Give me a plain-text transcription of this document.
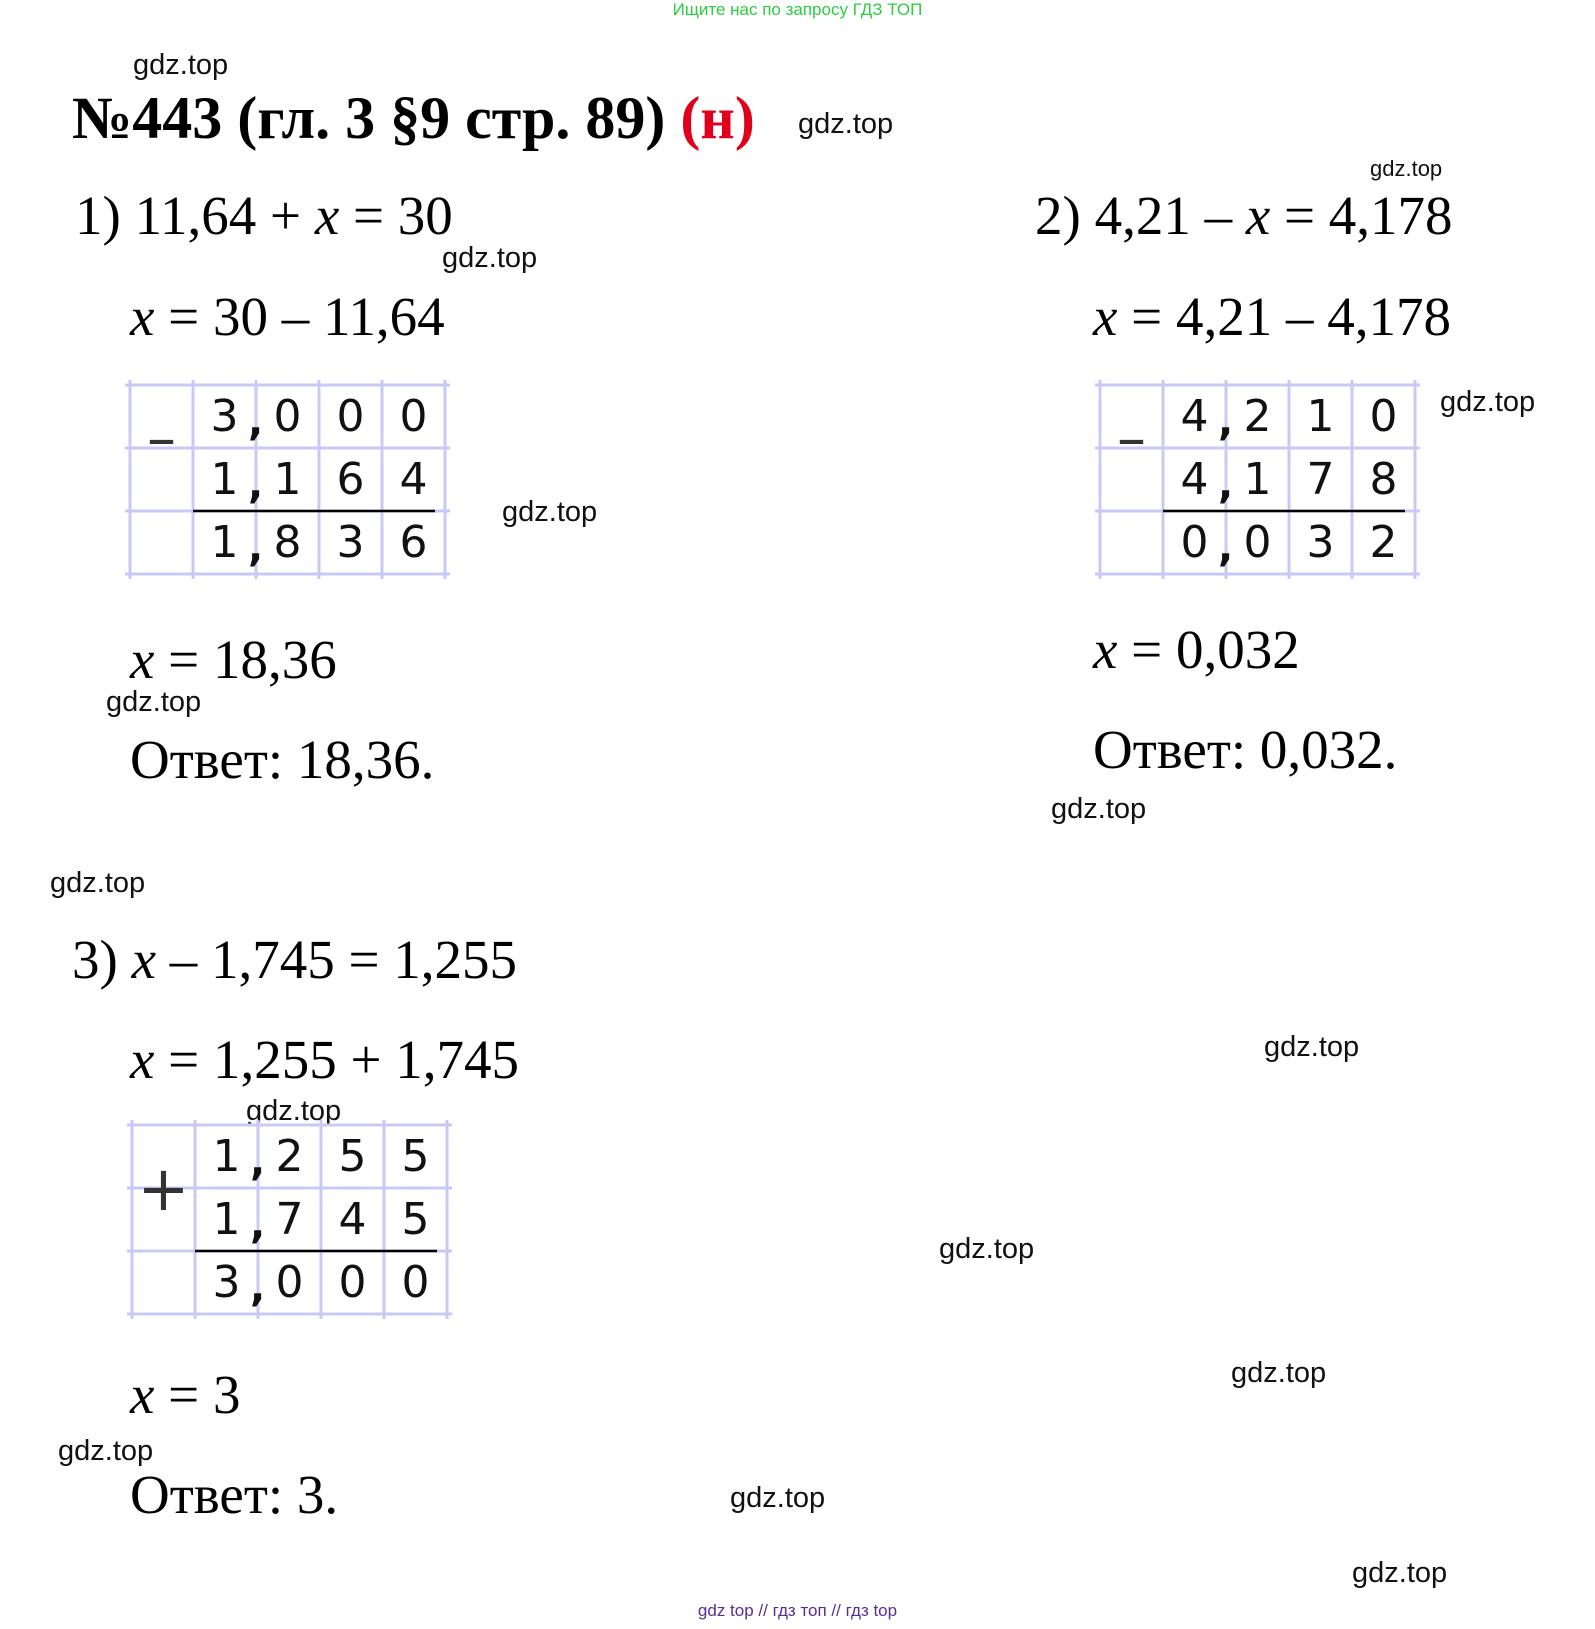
Ищите нас по запросу ГДЗ ТОП
gdz.top
gdz.top
gdz.top
gdz.top
gdz.top
gdz.top
gdz.top
gdz.top
gdz.top
gdz.top
gdz.top
gdz.top
gdz.top
gdz.top
gdz.top
gdz.top
№443 (гл. 3 §9 стр. 89) (н)
1) 11,64 + x = 30
x = 30 – 11,64
– 3 0 0 0
,
1 1 6 4
,
1 8 3 6
,
x = 18,36
Ответ: 18,36.
2) 4,21 – x = 4,178
x = 4,21 – 4,178
– 4 2 1 0
,
4 1 7 8
,
0 0 3 2
,
x = 0,032
Ответ: 0,032.
3) x – 1,745 = 1,255
x = 1,255 + 1,745
+ 1 2 5 5
,
1 7 4 5
,
3 0 0 0
,
x = 3
Ответ: 3.
gdz top // гдз топ // гдз top
